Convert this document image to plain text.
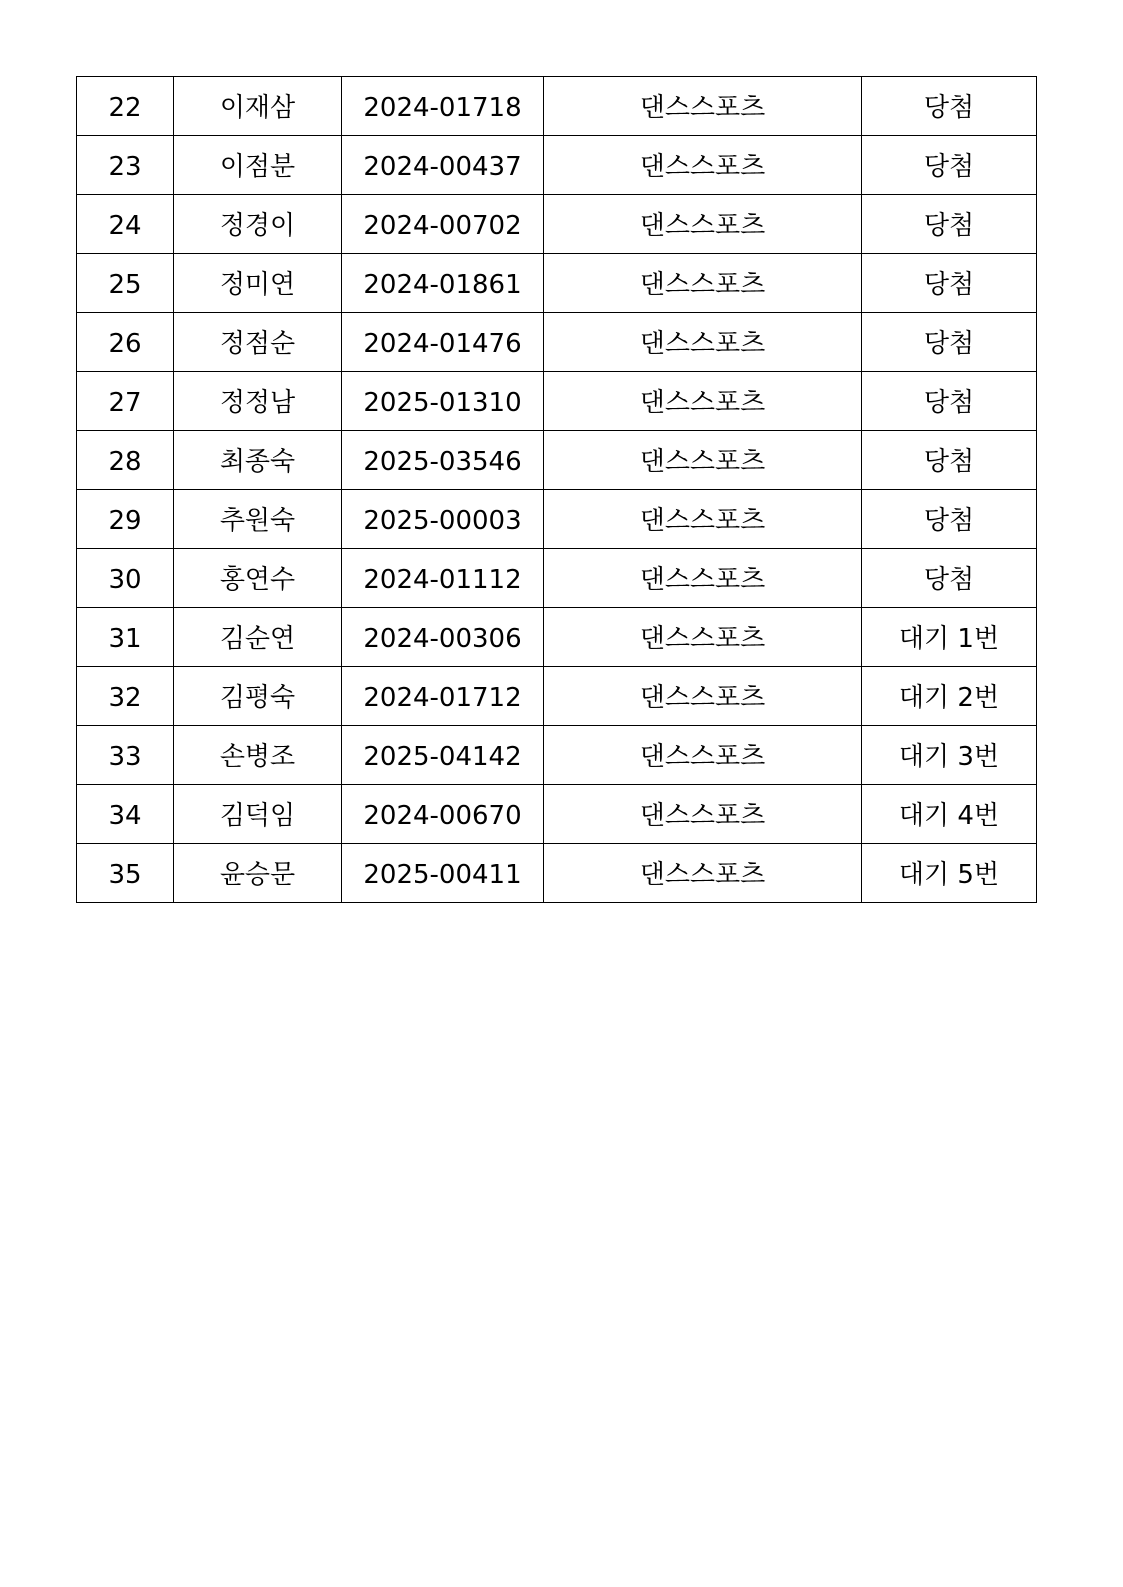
22	이재삼	2024-01718	댄스스포츠	당첨
23	이점분	2024-00437	댄스스포츠	당첨
24	정경이	2024-00702	댄스스포츠	당첨
25	정미연	2024-01861	댄스스포츠	당첨
26	정점순	2024-01476	댄스스포츠	당첨
27	정정남	2025-01310	댄스스포츠	당첨
28	최종숙	2025-03546	댄스스포츠	당첨
29	추원숙	2025-00003	댄스스포츠	당첨
30	홍연수	2024-01112	댄스스포츠	당첨
31	김순연	2024-00306	댄스스포츠	대기 1번
32	김평숙	2024-01712	댄스스포츠	대기 2번
33	손병조	2025-04142	댄스스포츠	대기 3번
34	김덕임	2024-00670	댄스스포츠	대기 4번
35	윤승문	2025-00411	댄스스포츠	대기 5번
